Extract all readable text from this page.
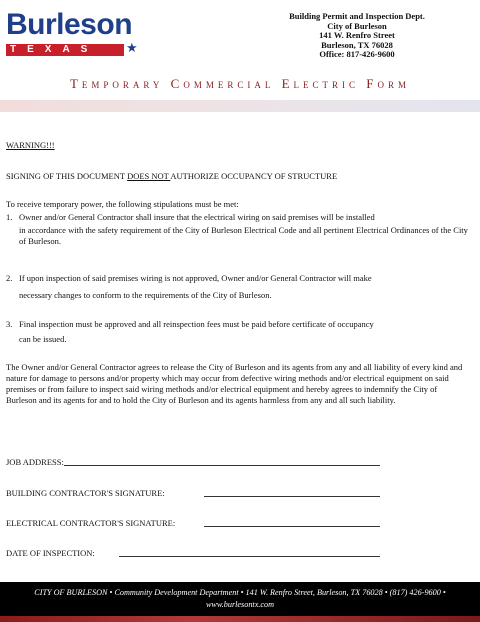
Burleson
TEXAS ★
Building Permit and Inspection Dept.
City of Burleson
141 W. Renfro Street
Burleson, TX 76028
Office: 817-426-9600
Temporary Commercial Electric Form
WARNING!!!
SIGNING OF THIS DOCUMENT DOES NOT AUTHORIZE OCCUPANCY OF STRUCTURE
To receive temporary power, the following stipulations must be met:
1. Owner and/or General Contractor shall insure that the electrical wiring on said premises will be installed
in accordance with the safety requirement of the City of Burleson Electrical Code and all pertinent Electrical Ordinances of the City of Burleson.
2. If upon inspection of said premises wiring is not approved, Owner and/or General Contractor will make
necessary changes to conform to the requirements of the City of Burleson.
3. Final inspection must be approved and all reinspection fees must be paid before certificate of occupancy
can be issued.
The Owner and/or General Contractor agrees to release the City of Burleson and its agents from any and all liability of every kind and nature for damage to persons and/or property which may occur from defective wiring methods and/or electrical equipment on said premises or from failure to inspect said wiring methods and/or electrical equipment and hereby agrees to indemnify the City of Burleson and its agents for and to hold the City of Burleson and its agents harmless from any and all such liability.
JOB ADDRESS:
BUILDING CONTRACTOR'S SIGNATURE:
ELECTRICAL CONTRACTOR'S SIGNATURE:
DATE OF INSPECTION:
CITY OF BURLESON • Community Development Department • 141 W. Renfro Street, Burleson, TX 76028 • (817) 426-9600 •
www.burlesontx.com
